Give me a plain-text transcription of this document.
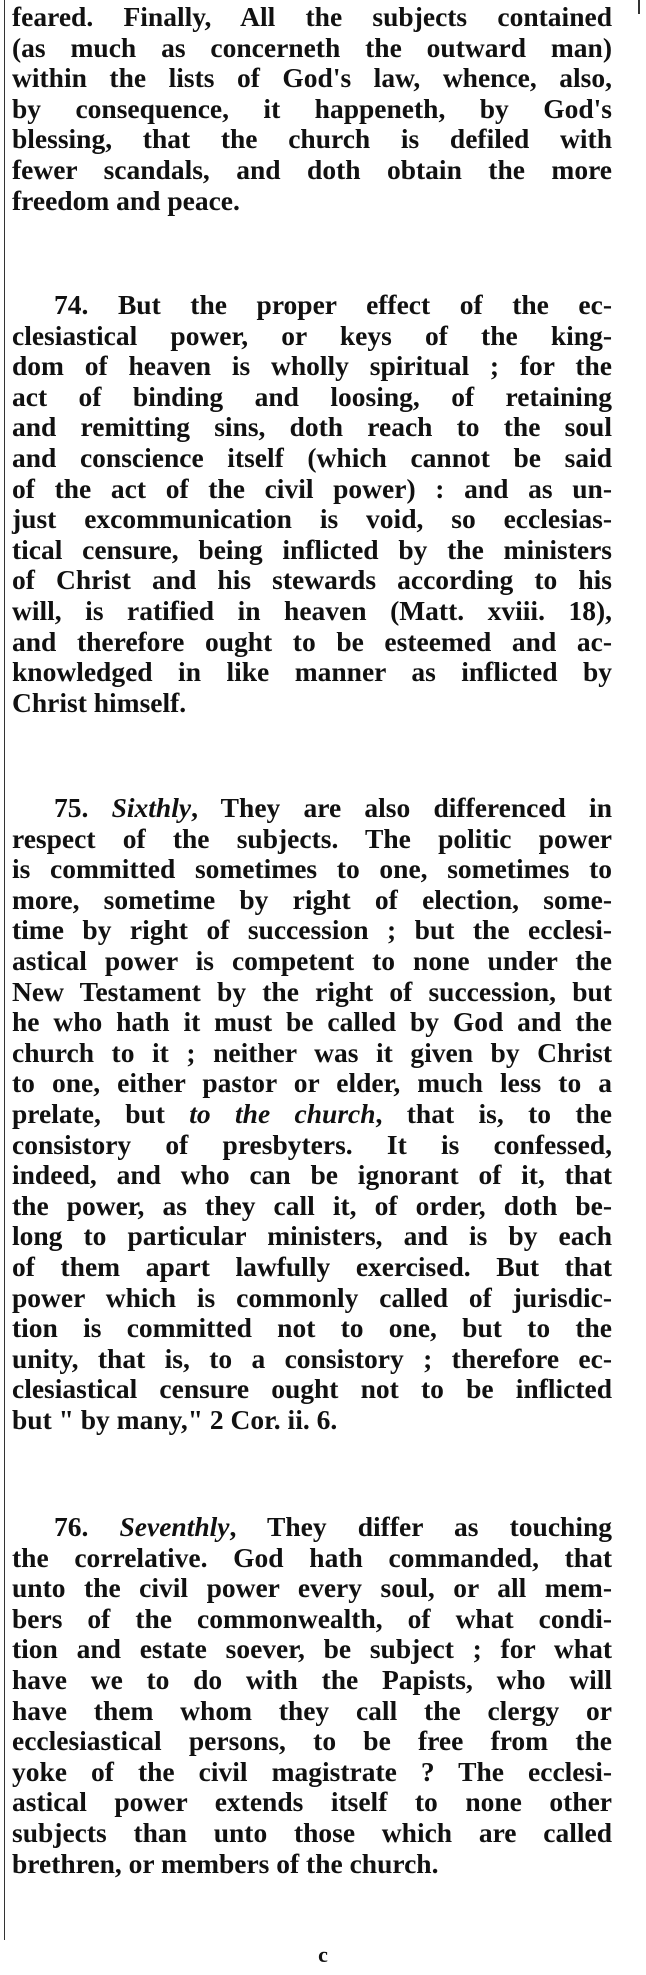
feared. Finally, All the subjects contained
(as much as concerneth the outward man)
within the lists of God's law, whence, also,
by consequence, it happeneth, by God's
blessing, that the church is defiled with
fewer scandals, and doth obtain the more
freedom and peace.
74. But the proper effect of the ec-
clesiastical power, or keys of the king-
dom of heaven is wholly spiritual ; for the
act of binding and loosing, of retaining
and remitting sins, doth reach to the soul
and conscience itself (which cannot be said
of the act of the civil power) : and as un-
just excommunication is void, so ecclesias-
tical censure, being inflicted by the ministers
of Christ and his stewards according to his
will, is ratified in heaven (Matt. xviii. 18),
and therefore ought to be esteemed and ac-
knowledged in like manner as inflicted by
Christ himself.
75. Sixthly, They are also differenced in
respect of the subjects. The politic power
is committed sometimes to one, sometimes to
more, sometime by right of election, some-
time by right of succession ; but the ecclesi-
astical power is competent to none under the
New Testament by the right of succession, but
he who hath it must be called by God and the
church to it ; neither was it given by Christ
to one, either pastor or elder, much less to a
prelate, but to the church, that is, to the
consistory of presbyters. It is confessed,
indeed, and who can be ignorant of it, that
the power, as they call it, of order, doth be-
long to particular ministers, and is by each
of them apart lawfully exercised. But that
power which is commonly called of jurisdic-
tion is committed not to one, but to the
unity, that is, to a consistory ; therefore ec-
clesiastical censure ought not to be inflicted
but " by many," 2 Cor. ii. 6.
76. Seventhly, They differ as touching
the correlative. God hath commanded, that
unto the civil power every soul, or all mem-
bers of the commonwealth, of what condi-
tion and estate soever, be subject ; for what
have we to do with the Papists, who will
have them whom they call the clergy or
ecclesiastical persons, to be free from the
yoke of the civil magistrate ? The ecclesi-
astical power extends itself to none other
subjects than unto those which are called
brethren, or members of the church.
c
